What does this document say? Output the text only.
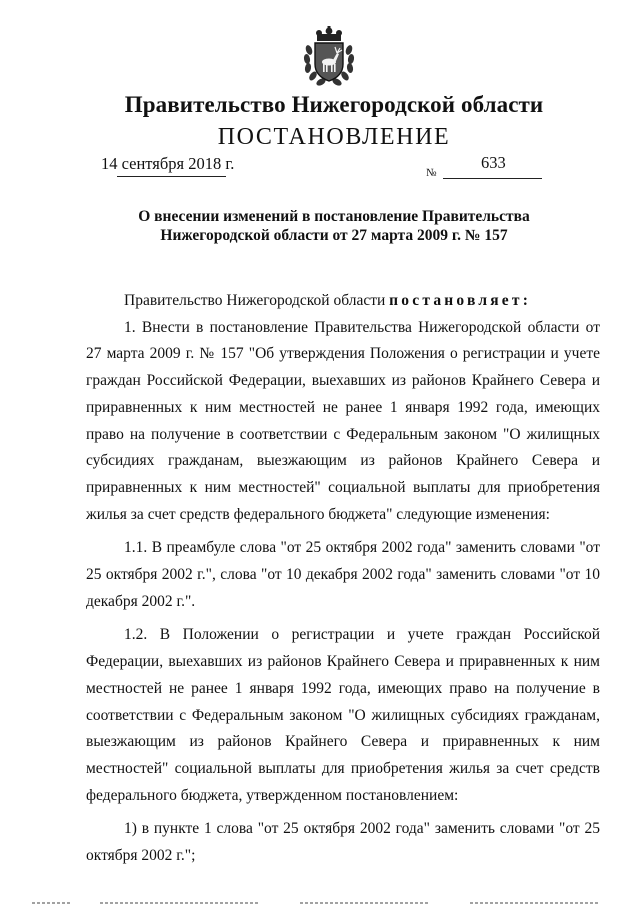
Правительство Нижегородской области
ПОСТАНОВЛЕНИЕ
14 сентября 2018 г.	№
633
О внесении изменений в постановление Правительства
Нижегородской области от 27 марта 2009 г. № 157

Правительство Нижегородской области постановляет:

1. Внести в постановление Правительства Нижегородской области от 27 марта 2009 г. № 157 "Об утверждения Положения о регистрации и учете граждан Российской Федерации, выехавших из районов Крайнего Севера и приравненных к ним местностей не ранее 1 января 1992 года, имеющих право на получение в соответствии с Федеральным законом "О жилищных субсидиях гражданам, выезжающим из районов Крайнего Севера и приравненных к ним местностей" социальной выплаты для приобретения жилья за счет средств федерального бюджета" следующие изменения:

1.1. В преамбуле слова "от 25 октября 2002 года" заменить словами "от 25 октября 2002 г.", слова "от 10 декабря 2002 года" заменить словами "от 10 декабря 2002 г.".

1.2. В Положении о регистрации и учете граждан Российской Федерации, выехавших из районов Крайнего Севера и приравненных к ним местностей не ранее 1 января 1992 года, имеющих право на получение в соответствии с Федеральным законом "О жилищных субсидиях гражданам, выезжающим из районов Крайнего Севера и приравненных к ним местностей" социальной выплаты для приобретения жилья за счет средств федерального бюджета, утвержденном постановлением:

1) в пункте 1 слова "от 25 октября 2002 года" заменить словами "от 25 октября 2002 г.";
